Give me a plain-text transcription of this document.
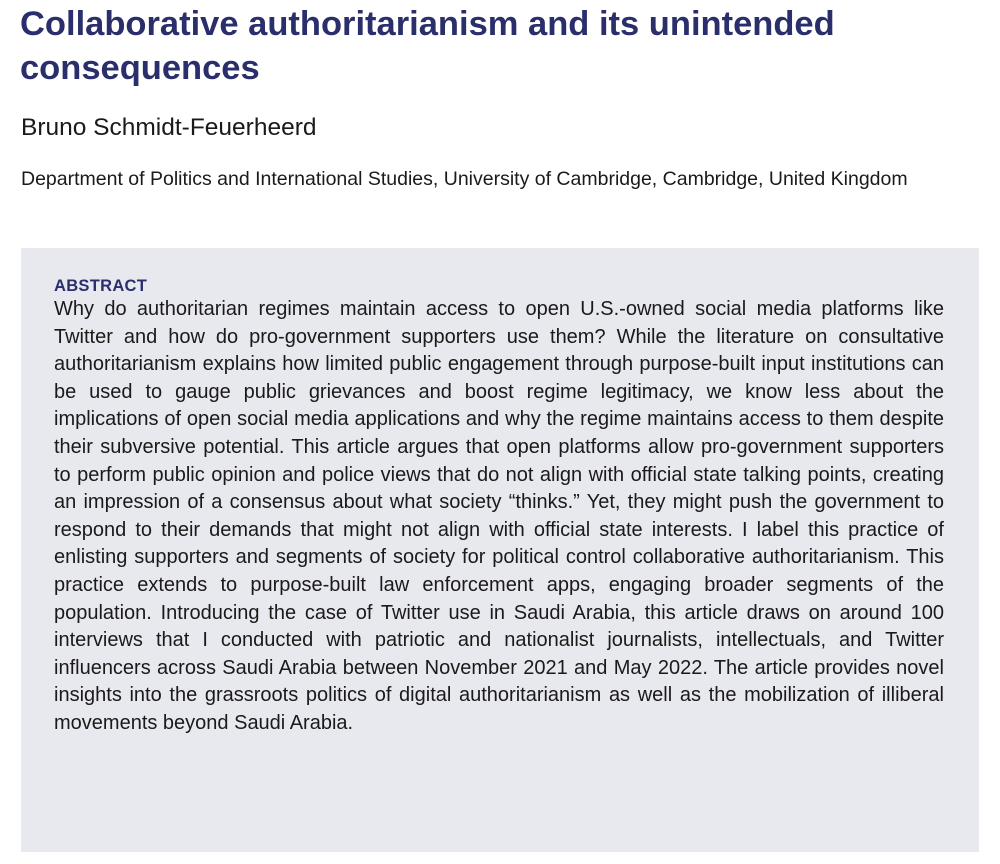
Collaborative authoritarianism and its unintended consequences

Bruno Schmidt-Feuerheerd

Department of Politics and International Studies, University of Cambridge, Cambridge, United Kingdom

ABSTRACT

Why do authoritarian regimes maintain access to open U.S.-owned social media platforms like Twitter and how do pro-government supporters use them? While the literature on consultative authoritarianism explains how limited public engagement through purpose-built input institutions can be used to gauge public grievances and boost regime legitimacy, we know less about the implications of open social media applications and why the regime maintains access to them despite their subversive potential. This article argues that open platforms allow pro-government supporters to perform public opinion and police views that do not align with official state talking points, creating an impression of a consensus about what society “thinks.” Yet, they might push the government to respond to their demands that might not align with official state interests. I label this practice of enlisting supporters and segments of society for political control collaborative authoritarianism. This practice extends to purpose-built law enforcement apps, engaging broader segments of the population. Introducing the case of Twitter use in Saudi Arabia, this article draws on around 100 interviews that I conducted with patriotic and nationalist journalists, intellectuals, and Twitter influencers across Saudi Arabia between November 2021 and May 2022. The article provides novel insights into the grassroots politics of digital authoritarianism as well as the mobilization of illiberal movements beyond Saudi Arabia.
